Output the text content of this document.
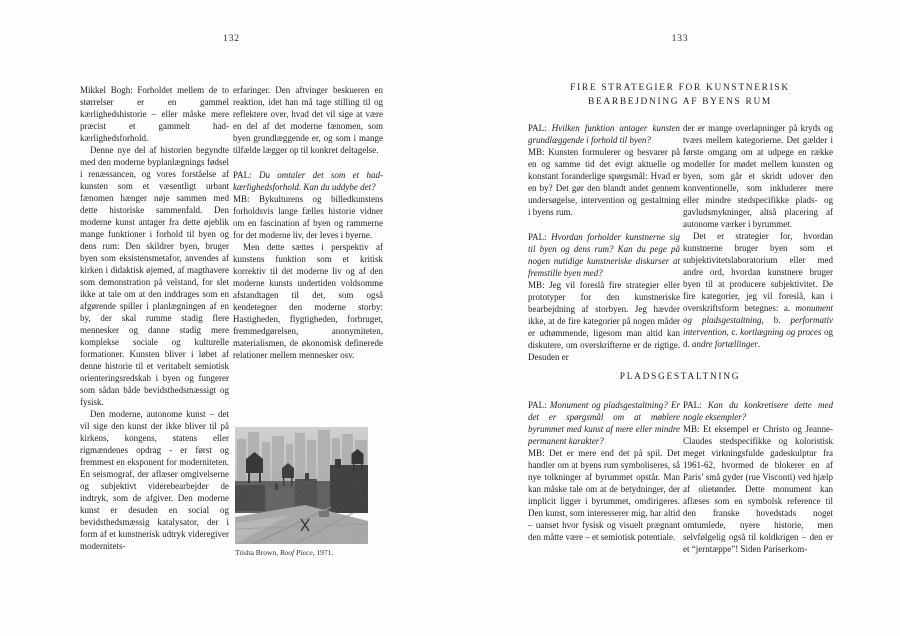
132

Mikkel Bogh: Forholdet mellem de to størrelser er en gammel kærlighedshistorie – eller måske mere præcist et gammelt had-kærlighedsforhold.

Denne nye del af historien begyndte med den moderne byplanlægnings fødsel i renæssancen, og vores forståelse af kunsten som et væsentligt urbant fænomen hænger nøje sammen med dette historiske sammenfald. Den moderne kunst antager fra dette øjeblik mange funktioner i forhold til byen og dens rum: Den skildrer byen, bruger byen som eksistensmetafor, anvendes af kirken i didaktisk øjemed, af magthavere som demonstration på velstand, for slet ikke at tale om at den inddrages som en afgørende spiller i planlægningen af en by, der skal rumme stadig flere mennesker og danne stadig mere komplekse sociale og kulturelle formationer. Kunsten bliver i løbet af denne historie til et veritabelt semiotisk orienteringsredskab i byen og fungerer som sådan både bevidsthedsmæssigt og fysisk.

Den moderne, autonome kunst – det vil sige den kunst der ikke bliver til på kirkens, kongens, statens eller rigmændenes opdrag - er først og fremmest en eksponent for moderniteten. En seismograf, der aflæser omgivelserne og subjektivt viderebearbejder de indtryk, som de afgiver. Den moderne kunst er desuden en social og bevidsthedsmæssig katalysator, der i form af et kunstnerisk udtryk videregiver modernitets-

erfaringer. Den aftvinger beskueren en reaktion, idet han må tage stilling til og reflektere over, hvad det vil sige at være en del af det moderne fænomen, som byen grundlæggende er, og som i mange tilfælde lægger op til konkret deltagelse.

PAL: Du omtaler det som et had-kærlighedsforhold. Kan du uddybe det?

MB: Bykulturens og billedkunstens forholdsvis lange fælles historie vidner om en fascination af byen og rammerne for det moderne liv, der leves i byerne.

Men dette sættes i perspektiv af kunstens funktion som et kritisk korrektiv til det moderne liv og af den moderne kunsts undertiden voldsomme afstandtagen til det, som også kendetegner den moderne storby: Hastigheden, flygtigheden, forbruget, fremmedgørelsen, anonymiteten, materialismen, de økonomisk definerede relationer mellem mennesker osv.

Trisha Brown, Roof Piece, 1971.
133
FIRE STRATEGIER FOR KUNSTNERISK BEARBEJDNING AF BYENS RUM

PAL: Hvilken funktion antager kunsten grundlæggende i forhold til byen?

MB: Kunsten formulerer og besvarer på en og samme tid det evigt aktuelle og konstant foranderlige spørgsmål: Hvad er en by? Det gør den blandt andet gennem undersøgelse, intervention og gestaltning i byens rum.

PAL: Hvordan forholder kunstnerne sig til byen og dens rum? Kan du pege på nogen nutidige kunstneriske diskurser at fremstille byen med?

MB: Jeg vil foreslå fire strategier eller prototyper for den kunstneriske bearbejdning af storbyen. Jeg hævder ikke, at de fire kategorier på nogen måder er udtømmende, ligesom man altid kan diskutere, om overskrifterne er de rigtige. Desuden er

der er mange overlapninger på kryds og tværs mellem kategorierne. Det gælder i første omgang om at udpege en række modeller for mødet mellem kunsten og byen, som går et skridt udover den konventionelle, som inkluderer mere eller mindre stedspecifikke plads- og gavludsmykninger, altså placering af autonome værker i byrummet.

Det er strategier for, hvordan kunstnerne bruger byen som et subjektivitetslaboratorium eller med andre ord, hvordan kunstnere bruger byen til at producere subjektivitet. De fire kategorier, jeg vil foreslå, kan i overskriftsform betegnes: a. monument og pladsgestaltning, b. performativ intervention, c. kortlægning og proces og d. andre fortællinger.

PLADSGESTALTNING

PAL: Monument og pladsgestaltning? Er det er spørgsmål om at møblere byrummet med kunst af mere eller mindre permanent karakter?

MB: Det er mere end det på spil. Det handler om at byens rum symboliseres, så nye tolkninger af byrummet opstår. Man kan måske tale om at de betydninger, der implicit ligger i byrummet, omdirigeres. Den kunst, som interesserer mig, har altid – uanset hvor fysisk og visuelt prægnant den måtte være – et semiotisk potentiale.

PAL: Kan du konkretisere dette med nogle eksempler?

MB: Et eksempel er Christo og Jeanne-Claudes stedspecifikke og koloristisk meget virkningsfulde gadeskulptur fra 1961-62, hvormed de blokerer en af Paris’ små gyder (rue Visconti) ved hjælp af olietønder. Dette monument kan aflæses som en symbolsk reference til den franske hovedstads noget omtumlede, nyere historie, men selvfølgelig også til koldkrigen – den er et “jerntæppe”! Siden Pariserkom-
